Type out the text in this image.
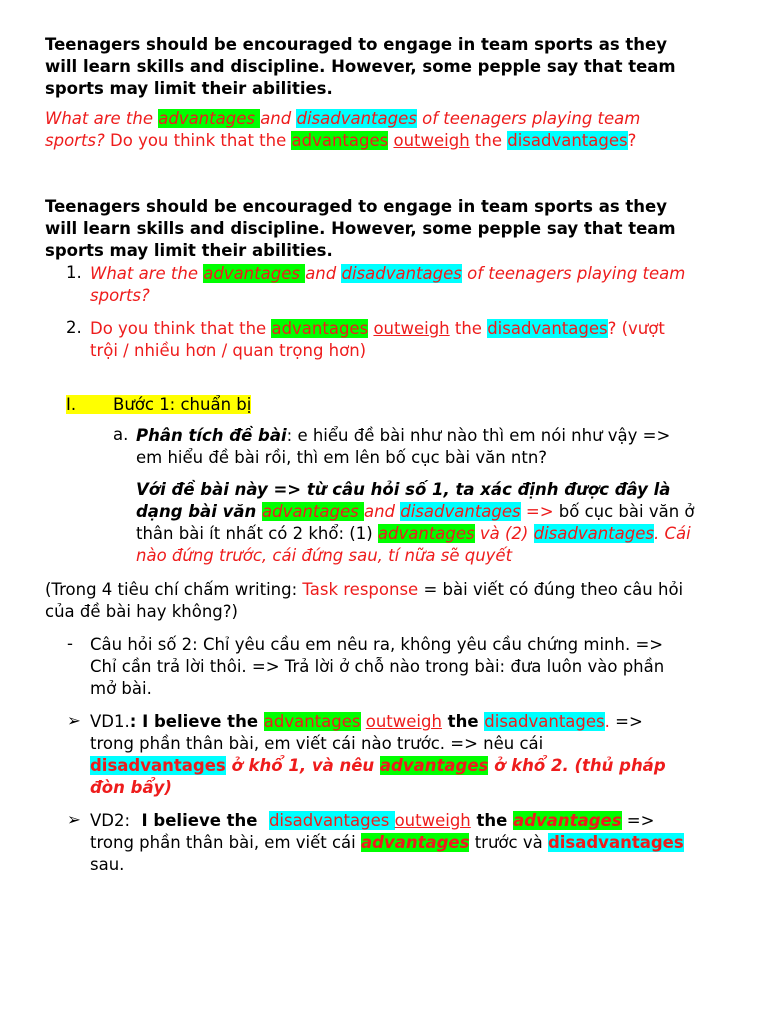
Teenagers should be encouraged to engage in team sports as they

will learn skills and discipline. However, some pepple say that team

sports may limit their abilities.

What are the advantages and disadvantages of teenagers playing team

sports? Do you think that the advantages outweigh the disadvantages?

Teenagers should be encouraged to engage in team sports as they

will learn skills and discipline. However, some pepple say that team

sports may limit their abilities.

1. What are the advantages and disadvantages of teenagers playing team

sports?

2. Do you think that the advantages outweigh the disadvantages? (vượt

trội / nhiều hơn / quan trọng hơn)

I.	Bước 1: chuẩn bị
a. Phân tích đề bài: e hiểu đề bài như nào thì em nói như vậy =>

em hiểu đề bài rồi, thì em lên bố cục bài văn ntn?

Với đề bài này => từ câu hỏi số 1, ta xác định được đây là

dạng bài văn advantages and disadvantages => bố cục bài văn ở

thân bài ít nhất có 2 khổ: (1) advantages và (2) disadvantages. Cái

nào đứng trước, cái đứng sau, tí nữa sẽ quyết

(Trong 4 tiêu chí chấm writing: Task response = bài viết có đúng theo câu hỏi

của đề bài hay không?)

-	Câu hỏi số 2: Chỉ yêu cầu em nêu ra, không yêu cầu chứng minh. =>

Chỉ cần trả lời thôi. => Trả lời ở chỗ nào trong bài: đưa luôn vào phần

mở bài.

➢ VD1.: I believe the advantages outweigh the disadvantages. =>

trong phần thân bài, em viết cái nào trước. => nêu cái

disadvantages ở khổ 1, và nêu advantages ở khổ 2. (thủ pháp

đòn bẩy)

➢ VD2:  I believe the  disadvantages outweigh the advantages =>

trong phần thân bài, em viết cái advantages trước và disadvantages

sau.
